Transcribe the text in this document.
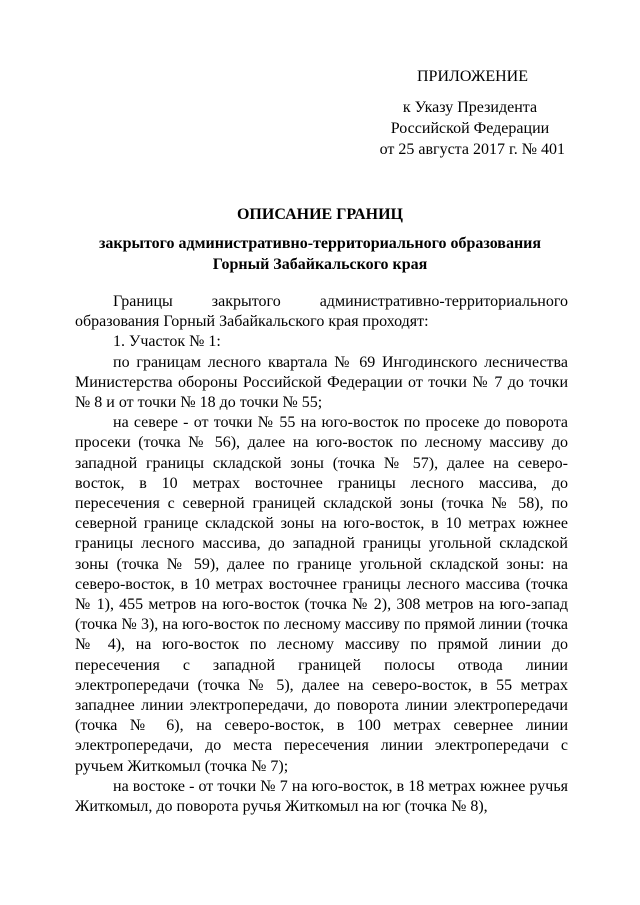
ПРИЛОЖЕНИЕ
к Указу Президента
Российской Федерации
от 25 августа 2017 г. № 401
ОПИСАНИЕ ГРАНИЦ
закрытого административно-территориального образования
Горный Забайкальского края
Границы закрытого административно-территориального

образования Горный Забайкальского края проходят:

1. Участок № 1:

по границам лесного квартала № 69 Ингодинского лесничества Министерства обороны Российской Федерации от точки № 7 до точки № 8 и от точки № 18 до точки № 55;

на севере - от точки № 55 на юго-восток по просеке до поворота просеки (точка № 56), далее на юго-восток по лесному массиву до западной границы складской зоны (точка № 57), далее на северо-восток, в 10 метрах восточнее границы лесного массива, до пересечения с северной границей складской зоны (точка № 58), по северной границе складской зоны на юго-восток, в 10 метрах южнее границы лесного массива, до западной границы угольной складской зоны (точка № 59), далее по границе угольной складской зоны: на северо-восток, в 10 метрах восточнее границы лесного массива (точка № 1), 455 метров на юго-восток (точка № 2), 308 метров на юго-запад (точка № 3), на юго-восток по лесному массиву по прямой линии (точка № 4), на юго-восток по лесному массиву по прямой линии до пересечения с западной границей полосы отвода линии электропередачи (точка № 5), далее на северо-восток, в 55 метрах западнее линии электропередачи, до поворота линии электропередачи (точка № 6), на северо-восток, в 100 метрах севернее линии электропередачи, до места пересечения линии электропередачи с ручьем Житкомыл (точка № 7);

на востоке - от точки № 7 на юго-восток, в 18 метрах южнее ручья Житкомыл, до поворота ручья Житкомыл на юг (точка № 8),
